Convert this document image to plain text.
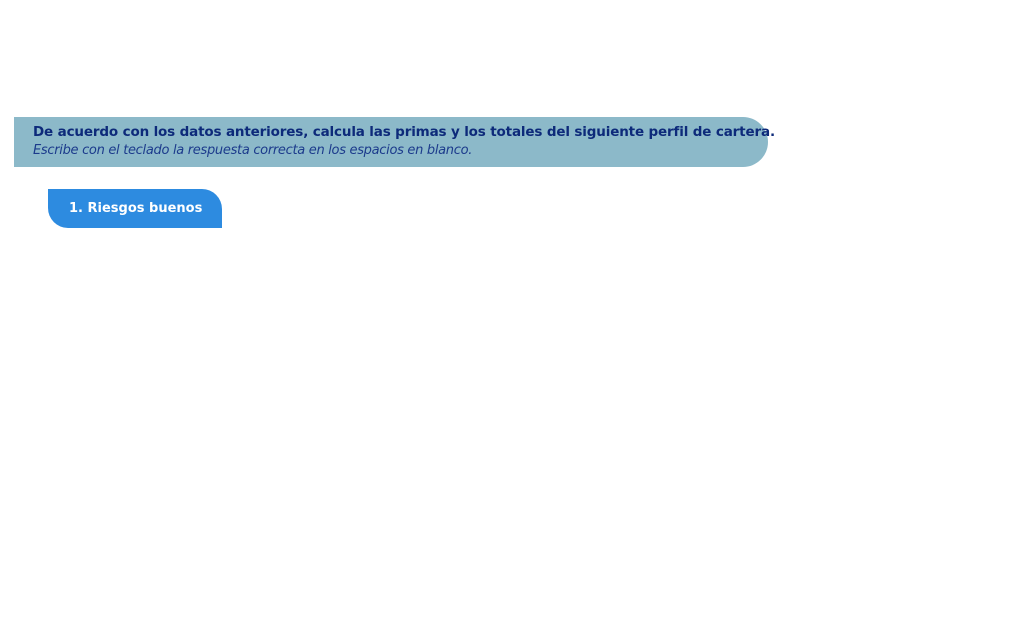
De acuerdo con los datos anteriores, calcula las primas y los totales del siguiente perfil de cartera.
Escribe con el teclado la respuesta correcta en los espacios en blanco.
1. Riesgos buenos
